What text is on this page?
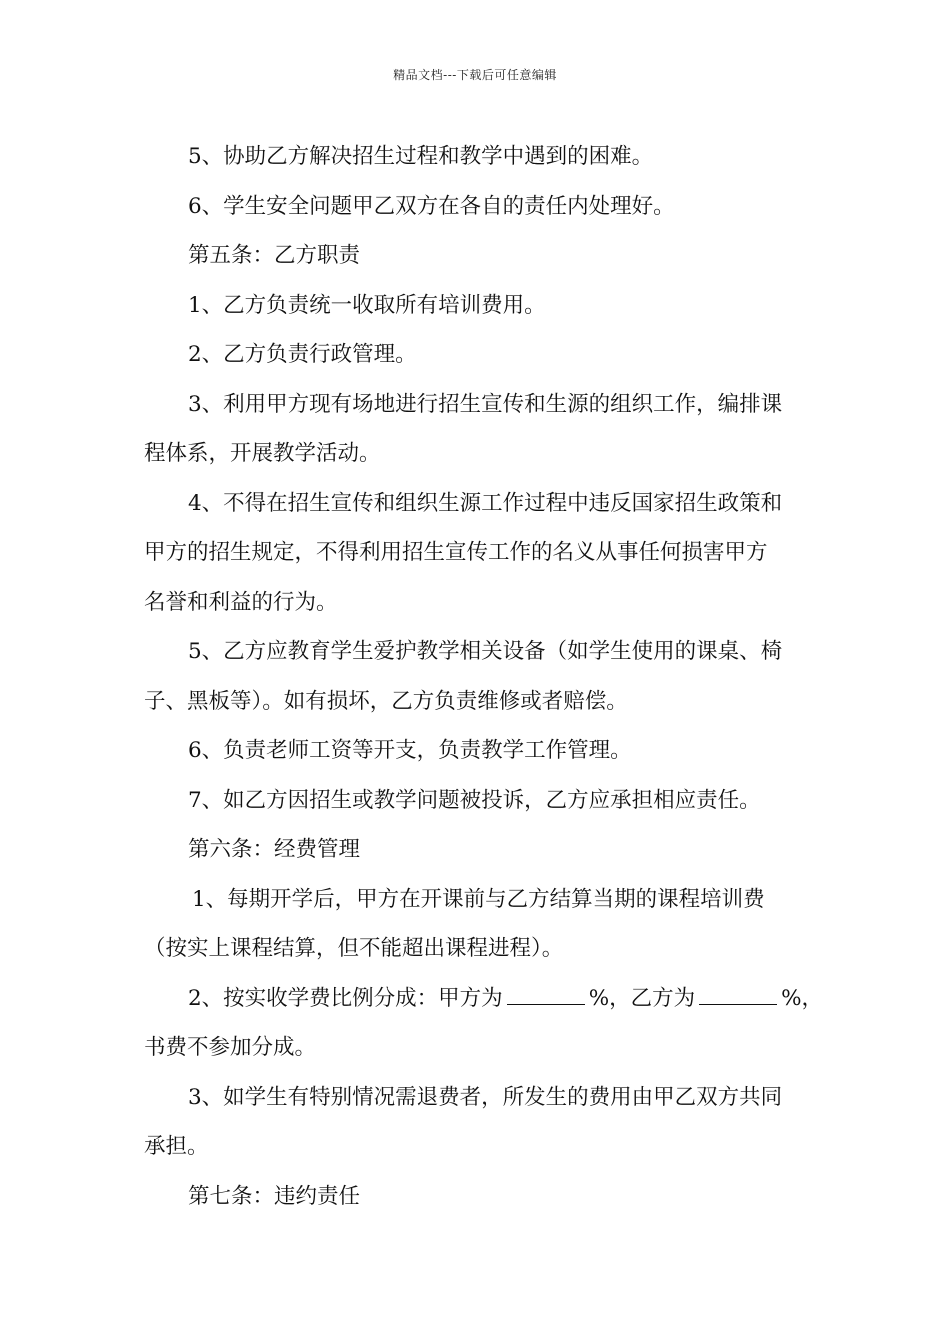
精品文档---下载后可任意编辑

5、协助乙方解决招生过程和教学中遇到的困难。

6、学生安全问题甲乙双方在各自的责任内处理好。

第五条：乙方职责

1、乙方负责统一收取所有培训费用。

2、乙方负责行政管理。

3、利用甲方现有场地进行招生宣传和生源的组织工作，编排课

程体系，开展教学活动。

4、不得在招生宣传和组织生源工作过程中违反国家招生政策和

甲方的招生规定，不得利用招生宣传工作的名义从事任何损害甲方

名誉和利益的行为。

5、乙方应教育学生爱护教学相关设备（如学生使用的课桌、椅

子、黑板等）。如有损坏，乙方负责维修或者赔偿。

6、负责老师工资等开支，负责教学工作管理。

7、如乙方因招生或教学问题被投诉，乙方应承担相应责任。

第六条：经费管理

1、每期开学后，甲方在开课前与乙方结算当期的课程培训费

（按实上课程结算，但不能超出课程进程）。

2、按实收学费比例分成：甲方为	%，乙方为	%，

书费不参加分成。

3、如学生有特别情况需退费者，所发生的费用由甲乙双方共同

承担。

第七条：违约责任
